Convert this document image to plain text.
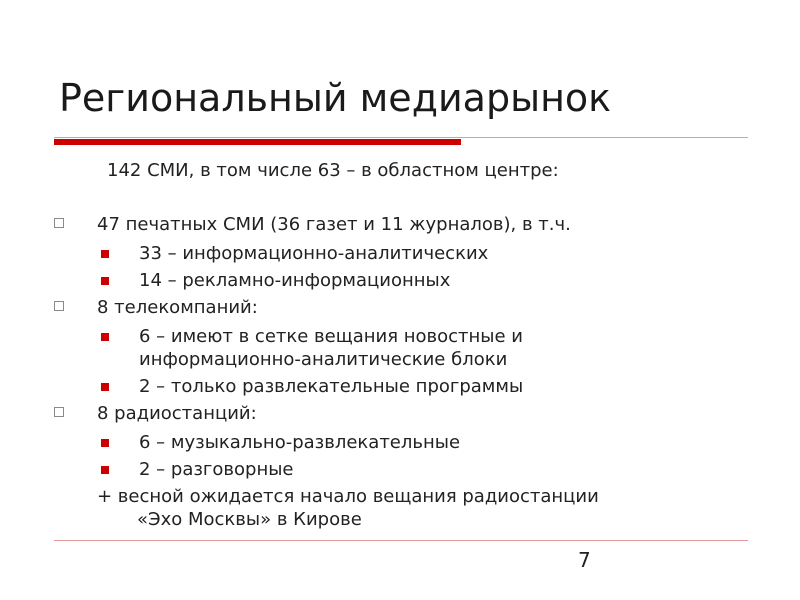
Региональный медиарынок
142 СМИ, в том числе 63 – в областном центре:
47 печатных СМИ (36 газет и 11 журналов), в т.ч.
33 – информационно-аналитических
14 – рекламно-информационных
8 телекомпаний:
6 – имеют в сетке вещания новостные и информационно-аналитические блоки
2 – только развлекательные программы
8 радиостанций:
6 – музыкально-развлекательные
2 – разговорные
+ весной ожидается начало вещания радиостанции
«Эхо Москвы» в Кирове
7
